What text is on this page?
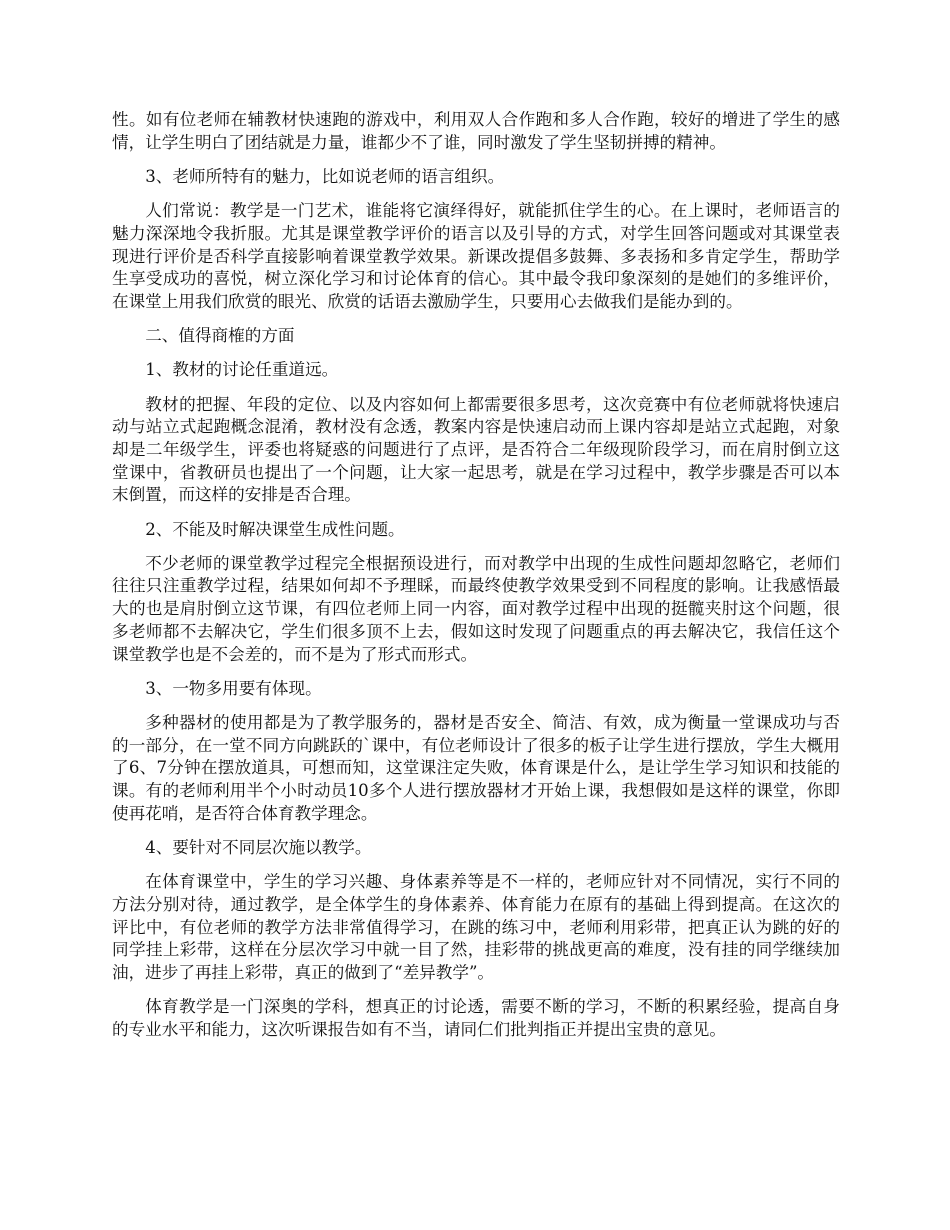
性。如有位老师在辅教材快速跑的游戏中，利用双人合作跑和多人合作跑，较好的增进了学生的感情，让学生明白了团结就是力量，谁都少不了谁，同时激发了学生坚韧拼搏的精神。

3、老师所特有的魅力，比如说老师的语言组织。

人们常说：教学是一门艺术，谁能将它演绎得好，就能抓住学生的心。在上课时，老师语言的魅力深深地令我折服。尤其是课堂教学评价的语言以及引导的方式，对学生回答问题或对其课堂表现进行评价是否科学直接影响着课堂教学效果。新课改提倡多鼓舞、多表扬和多肯定学生，帮助学生享受成功的喜悦，树立深化学习和讨论体育的信心。其中最令我印象深刻的是她们的多维评价，在课堂上用我们欣赏的眼光、欣赏的话语去激励学生，只要用心去做我们是能办到的。

二、值得商榷的方面

1、教材的讨论任重道远。

教材的把握、年段的定位、以及内容如何上都需要很多思考，这次竞赛中有位老师就将快速启动与站立式起跑概念混淆，教材没有念透，教案内容是快速启动而上课内容却是站立式起跑，对象却是二年级学生，评委也将疑惑的问题进行了点评，是否符合二年级现阶段学习，而在肩肘倒立这堂课中，省教研员也提出了一个问题，让大家一起思考，就是在学习过程中，教学步骤是否可以本末倒置，而这样的安排是否合理。

2、不能及时解决课堂生成性问题。

不少老师的课堂教学过程完全根据预设进行，而对教学中出现的生成性问题却忽略它，老师们往往只注重教学过程，结果如何却不予理睬，而最终使教学效果受到不同程度的影响。让我感悟最大的也是肩肘倒立这节课，有四位老师上同一内容，面对教学过程中出现的挺髋夹肘这个问题，很多老师都不去解决它，学生们很多顶不上去，假如这时发现了问题重点的再去解决它，我信任这个课堂教学也是不会差的，而不是为了形式而形式。

3、一物多用要有体现。

多种器材的使用都是为了教学服务的，器材是否安全、简洁、有效，成为衡量一堂课成功与否的一部分，在一堂不同方向跳跃的`课中，有位老师设计了很多的板子让学生进行摆放，学生大概用了6、7分钟在摆放道具，可想而知，这堂课注定失败，体育课是什么，是让学生学习知识和技能的课。有的老师利用半个小时动员10多个人进行摆放器材才开始上课，我想假如是这样的课堂，你即使再花哨，是否符合体育教学理念。

4、要针对不同层次施以教学。

在体育课堂中，学生的学习兴趣、身体素养等是不一样的，老师应针对不同情况，实行不同的方法分别对待，通过教学，是全体学生的身体素养、体育能力在原有的基础上得到提高。在这次的评比中，有位老师的教学方法非常值得学习，在跳的练习中，老师利用彩带，把真正认为跳的好的同学挂上彩带，这样在分层次学习中就一目了然，挂彩带的挑战更高的难度，没有挂的同学继续加油，进步了再挂上彩带，真正的做到了“差异教学”。

体育教学是一门深奥的学科，想真正的讨论透，需要不断的学习，不断的积累经验，提高自身的专业水平和能力，这次听课报告如有不当，请同仁们批判指正并提出宝贵的意见。
